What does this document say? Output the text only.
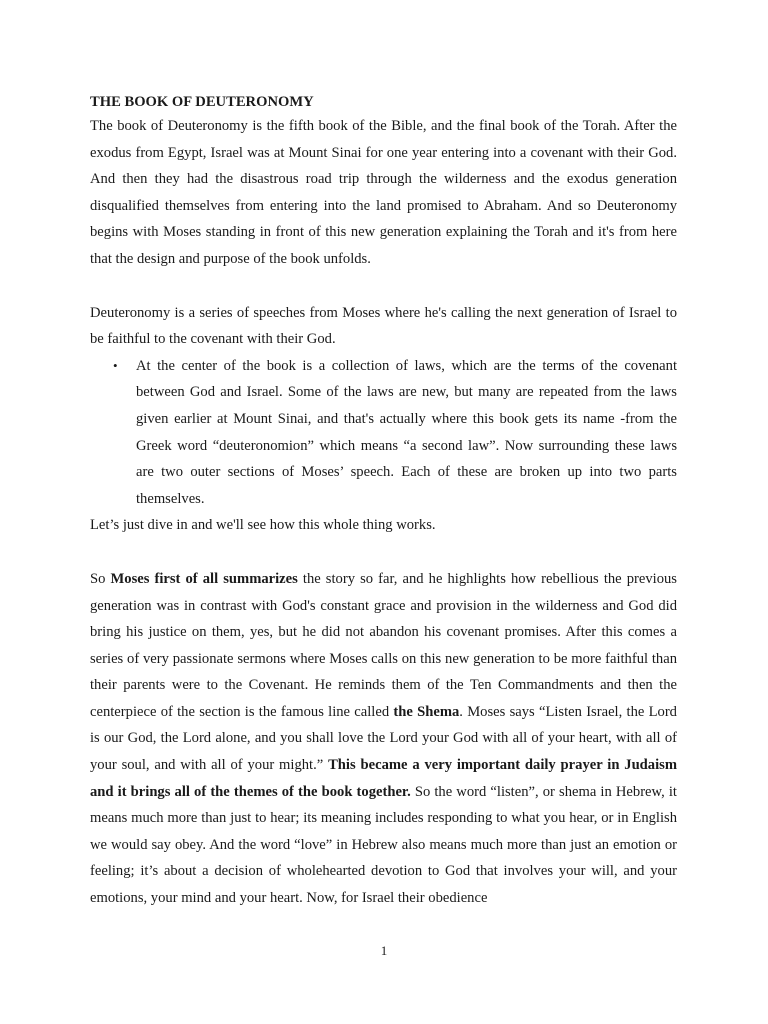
THE BOOK OF DEUTERONOMY

The book of Deuteronomy is the fifth book of the Bible, and the final book of the Torah. After the exodus from Egypt, Israel was at Mount Sinai for one year entering into a covenant with their God. And then they had the disastrous road trip through the wilderness and the exodus generation disqualified themselves from entering into the land promised to Abraham. And so Deuteronomy begins with Moses standing in front of this new generation explaining the Torah and it's from here that the design and purpose of the book unfolds.

Deuteronomy is a series of speeches from Moses where he's calling the next generation of Israel to be faithful to the covenant with their God.

• At the center of the book is a collection of laws, which are the terms of the covenant between God and Israel. Some of the laws are new, but many are repeated from the laws given earlier at Mount Sinai, and that's actually where this book gets its name -from the Greek word “deuteronomion” which means “a second law”. Now surrounding these laws are two outer sections of Moses’ speech. Each of these are broken up into two parts themselves.

Let’s just dive in and we'll see how this whole thing works.

So Moses first of all summarizes the story so far, and he highlights how rebellious the previous generation was in contrast with God's constant grace and provision in the wilderness and God did bring his justice on them, yes, but he did not abandon his covenant promises. After this comes a series of very passionate sermons where Moses calls on this new generation to be more faithful than their parents were to the Covenant. He reminds them of the Ten Commandments and then the centerpiece of the section is the famous line called the Shema. Moses says “Listen Israel, the Lord is our God, the Lord alone, and you shall love the Lord your God with all of your heart, with all of your soul, and with all of your might.” This became a very important daily prayer in Judaism and it brings all of the themes of the book together. So the word “listen”, or shema in Hebrew, it means much more than just to hear; its meaning includes responding to what you hear, or in English we would say obey. And the word “love” in Hebrew also means much more than just an emotion or feeling; it’s about a decision of wholehearted devotion to God that involves your will, and your emotions, your mind and your heart. Now, for Israel their obedience

1
